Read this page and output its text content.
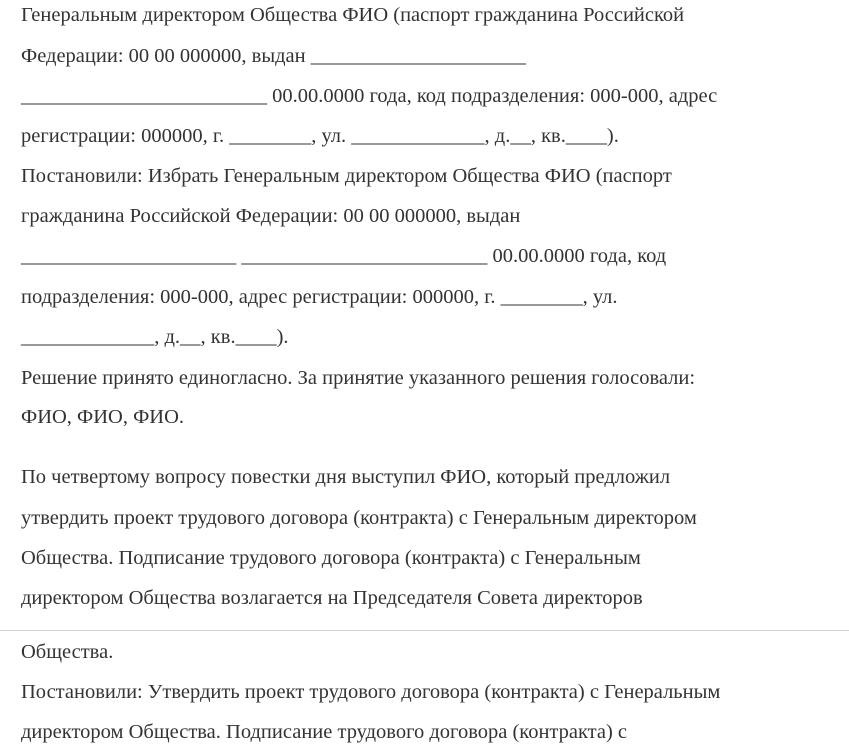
Генеральным директором Общества ФИО (паспорт гражданина Российской
Федерации: 00 00 000000, выдан _____________________
________________________ 00.00.0000 года, код подразделения: 000-000, адрес
регистрации: 000000, г. ________, ул. _____________, д.__, кв.____).
Постановили: Избрать Генеральным директором Общества ФИО (паспорт
гражданина Российской Федерации: 00 00 000000, выдан
_____________________ ________________________ 00.00.0000 года, код
подразделения: 000-000, адрес регистрации: 000000, г. ________, ул.
_____________, д.__, кв.____).
Решение принято единогласно. За принятие указанного решения голосовали:
ФИО, ФИО, ФИО.
По четвертому вопросу повестки дня выступил ФИО, который предложил
утвердить проект трудового договора (контракта) с Генеральным директором
Общества. Подписание трудового договора (контракта) с Генеральным
директором Общества возлагается на Председателя Совета директоров
Общества.
Постановили: Утвердить проект трудового договора (контракта) с Генеральным
директором Общества. Подписание трудового договора (контракта) с
